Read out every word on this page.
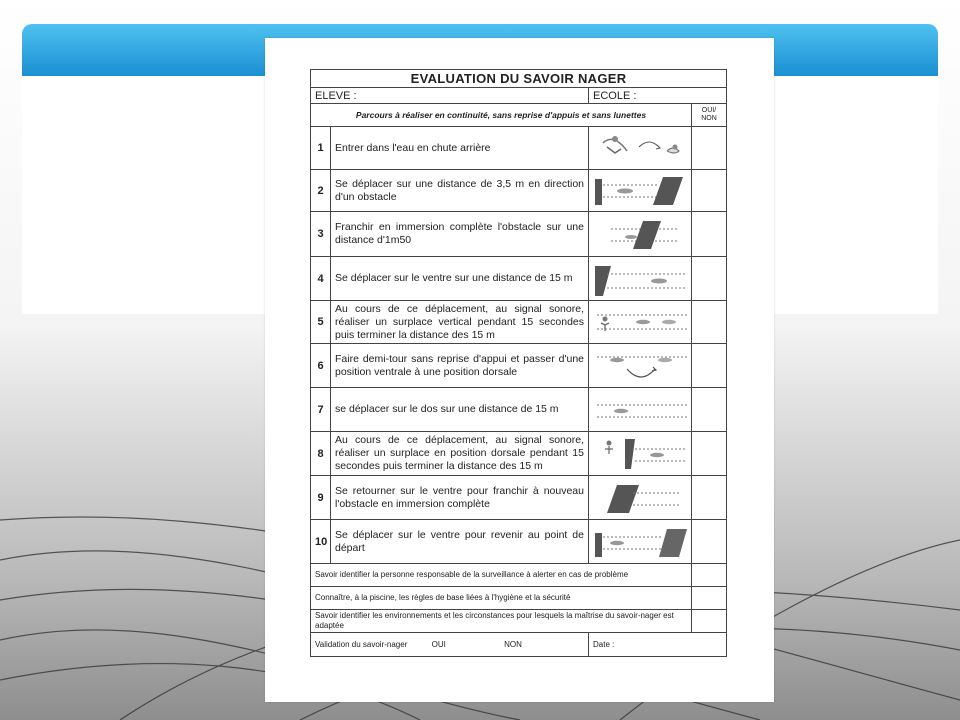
EVALUATION DU SAVOIR NAGER			
ELEVE :		ECOLE :	
Parcours à réaliser en continuité, sans reprise d'appuis et sans lunettes			OUI/ NON
1	Entrer dans l'eau en chute arrière	

2	Se déplacer sur une distance de 3,5 m en direction d'un obstacle	

3	Franchir en immersion complète l'obstacle sur une distance d'1m50	

4	Se déplacer sur le ventre sur une distance de 15 m	

5	Au cours de ce déplacement, au signal sonore, réaliser un surplace vertical pendant 15 secondes puis terminer la distance des 15 m	

6	Faire demi-tour sans reprise d'appui et passer d'une position ventrale à une position dorsale	

7	se déplacer sur le dos sur une distance de 15 m	

8	Au cours de ce déplacement, au signal sonore, réaliser un surplace en position dorsale pendant 15 secondes puis terminer la distance des 15 m	

9	Se retourner sur le ventre pour franchir à nouveau l'obstacle en immersion complète	

10	Se déplacer sur le ventre pour revenir au point de départ	

Savoir identifier la personne responsable de la surveillance à alerter en cas de problème			
Connaître, à la piscine, les règles de base liées à l'hygiène et la sécurité			
Savoir identifier les environnements et les circonstances pour lesquels la maîtrise du savoir-nager est adaptée			
Validation du savoir-nager OUI NON		Date :	
